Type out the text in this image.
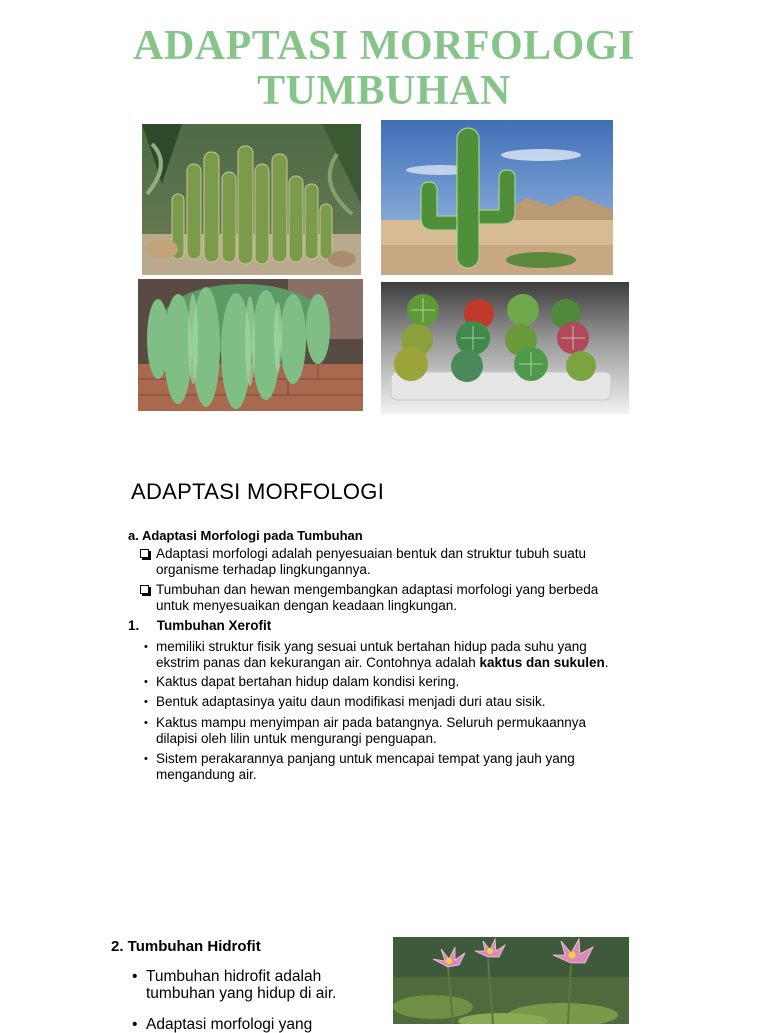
ADAPTASI MORFOLOGI
TUMBUHAN
ADAPTASI MORFOLOGI
a. Adaptasi Morfologi pada Tumbuhan
Adaptasi morfologi adalah penyesuaian bentuk dan struktur tubuh suatu
organisme terhadap lingkungannya.
Tumbuhan dan hewan mengembangkan adaptasi morfologi yang berbeda
untuk menyesuaikan dengan keadaan lingkungan.
1. Tumbuhan Xerofit
• memiliki struktur fisik yang sesuai untuk bertahan hidup pada suhu yang
ekstrim panas dan kekurangan air. Contohnya adalah kaktus dan sukulen.
• Kaktus dapat bertahan hidup dalam kondisi kering.
• Bentuk adaptasinya yaitu daun modifikasi menjadi duri atau sisik.
• Kaktus mampu menyimpan air pada batangnya. Seluruh permukaannya
dilapisi oleh lilin untuk mengurangi penguapan.
• Sistem perakarannya panjang untuk mencapai tempat yang jauh yang
mengandung air.
2. Tumbuhan Hidrofit
• Tumbuhan hidrofit adalah
tumbuhan yang hidup di air.
• Adaptasi morfologi yang
